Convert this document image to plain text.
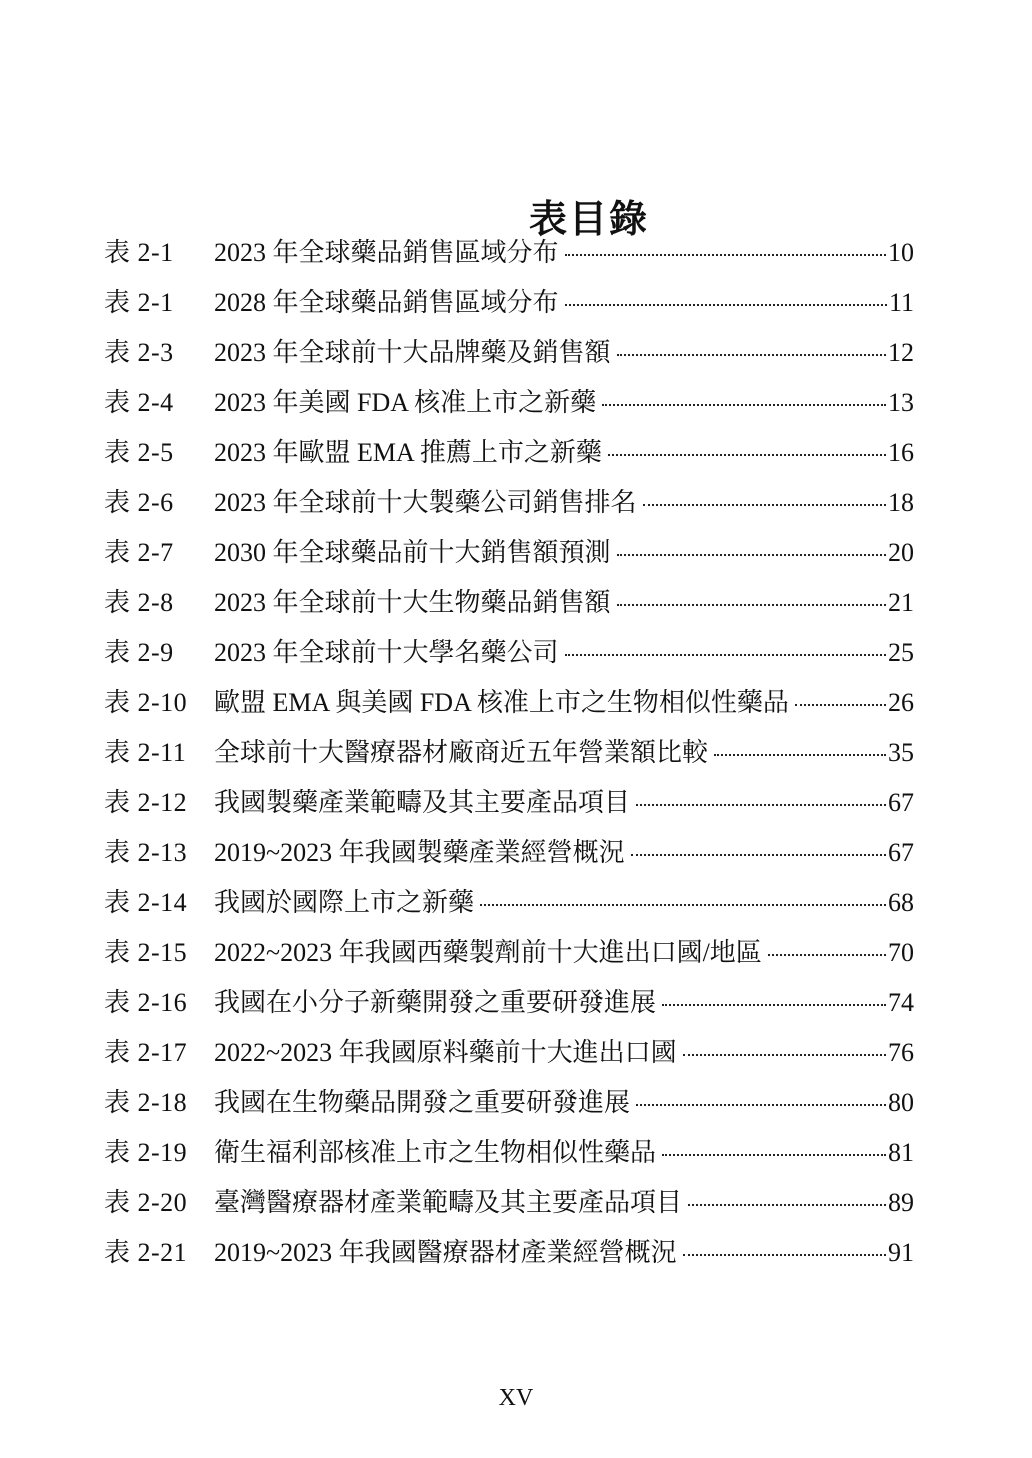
表目錄
表 2-1	2023 年全球藥品銷售區域分布	10
表 2-1	2028 年全球藥品銷售區域分布	11
表 2-3	2023 年全球前十大品牌藥及銷售額	12
表 2-4	2023 年美國 FDA 核准上市之新藥	13
表 2-5	2023 年歐盟 EMA 推薦上市之新藥	16
表 2-6	2023 年全球前十大製藥公司銷售排名	18
表 2-7	2030 年全球藥品前十大銷售額預測	20
表 2-8	2023 年全球前十大生物藥品銷售額	21
表 2-9	2023 年全球前十大學名藥公司	25
表 2-10	歐盟 EMA 與美國 FDA 核准上市之生物相似性藥品	26
表 2-11	全球前十大醫療器材廠商近五年營業額比較	35
表 2-12	我國製藥產業範疇及其主要產品項目	67
表 2-13	2019~2023 年我國製藥產業經營概況	67
表 2-14	我國於國際上市之新藥	68
表 2-15	2022~2023 年我國西藥製劑前十大進出口國/地區	70
表 2-16	我國在小分子新藥開發之重要研發進展	74
表 2-17	2022~2023 年我國原料藥前十大進出口國	76
表 2-18	我國在生物藥品開發之重要研發進展	80
表 2-19	衛生福利部核准上市之生物相似性藥品	81
表 2-20	臺灣醫療器材產業範疇及其主要產品項目	89
表 2-21	2019~2023 年我國醫療器材產業經營概況	91
XV
